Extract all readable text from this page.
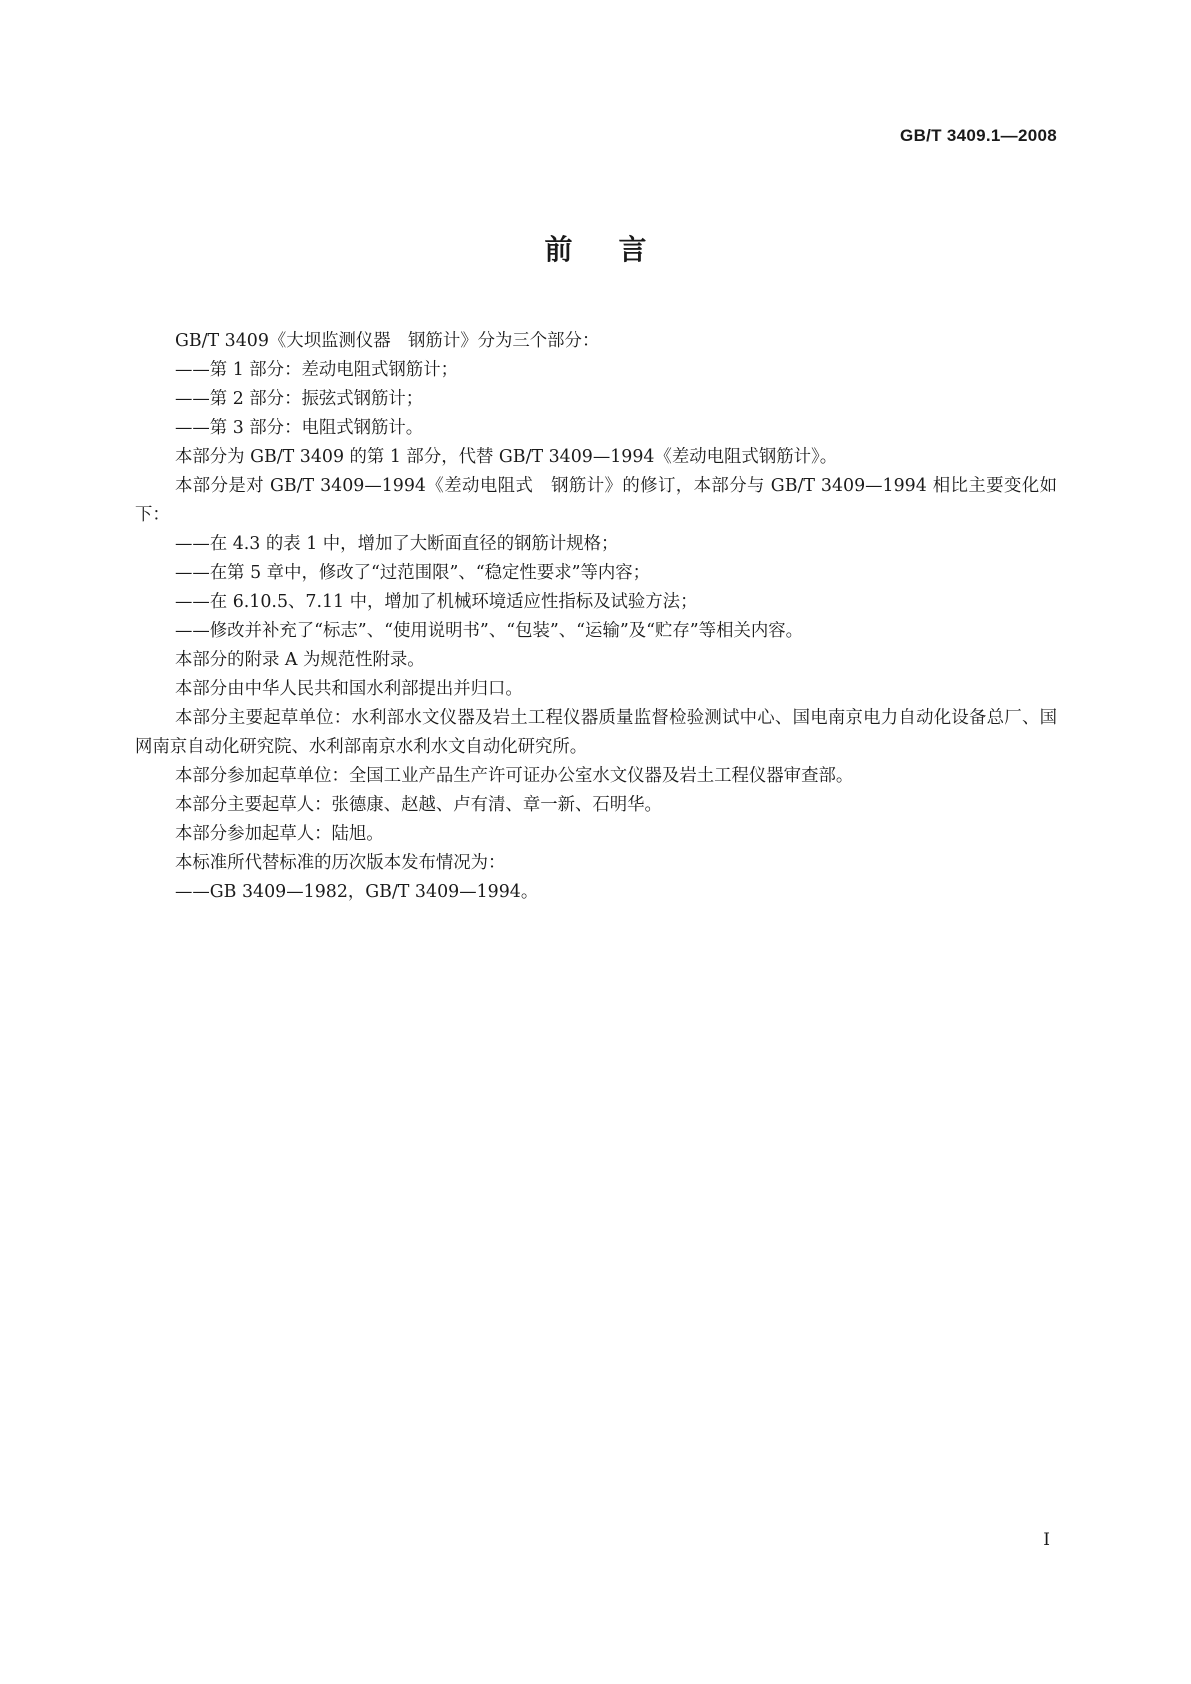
GB/T 3409.1—2008
前言

GB/T 3409《大坝监测仪器　钢筋计》分为三个部分：

——第 1 部分：差动电阻式钢筋计；

——第 2 部分：振弦式钢筋计；

——第 3 部分：电阻式钢筋计。

本部分为 GB/T 3409 的第 1 部分，代替 GB/T 3409—1994《差动电阻式钢筋计》。

本部分是对 GB/T 3409—1994《差动电阻式　钢筋计》的修订，本部分与 GB/T 3409—1994 相比主要变化如下：

——在 4.3 的表 1 中，增加了大断面直径的钢筋计规格；

——在第 5 章中，修改了“过范围限”、“稳定性要求”等内容；

——在 6.10.5、7.11 中，增加了机械环境适应性指标及试验方法；

——修改并补充了“标志”、“使用说明书”、“包装”、“运输”及“贮存”等相关内容。

本部分的附录 A 为规范性附录。

本部分由中华人民共和国水利部提出并归口。

本部分主要起草单位：水利部水文仪器及岩土工程仪器质量监督检验测试中心、国电南京电力自动化设备总厂、国网南京自动化研究院、水利部南京水利水文自动化研究所。

本部分参加起草单位：全国工业产品生产许可证办公室水文仪器及岩土工程仪器审查部。

本部分主要起草人：张德康、赵越、卢有清、章一新、石明华。

本部分参加起草人：陆旭。

本标准所代替标准的历次版本发布情况为：

——GB 3409—1982，GB/T 3409—1994。

I
